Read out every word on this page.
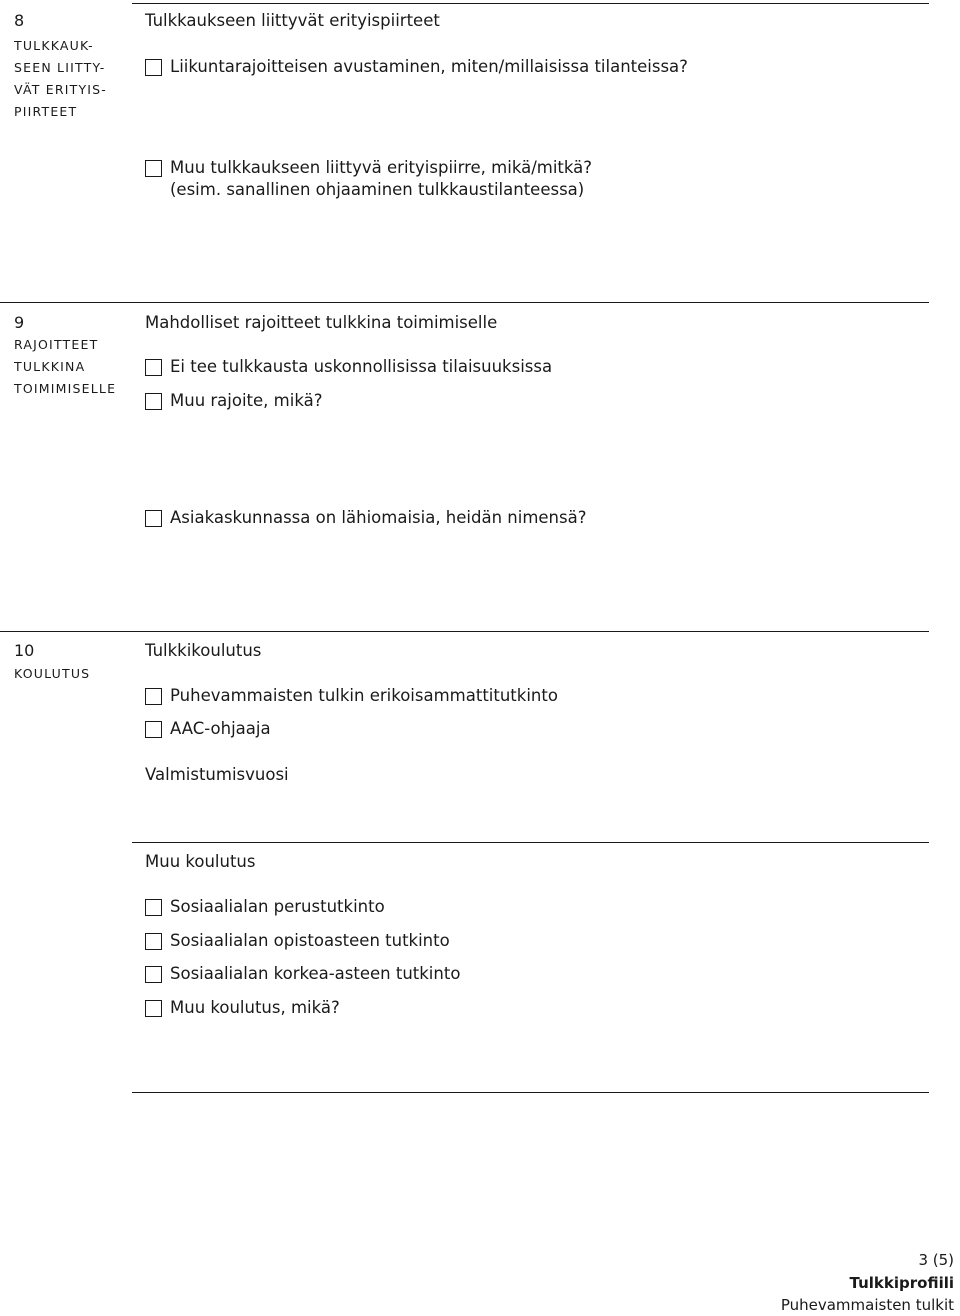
8
TULKKAUK-
SEEN LIITTY-
VÄT ERITYIS-
PIIRTEET
Tulkkaukseen liittyvät erityispiirteet
Liikuntarajoitteisen avustaminen, miten/millaisissa tilanteissa?
Muu tulkkaukseen liittyvä erityispiirre, mikä/mitkä?
(esim. sanallinen ohjaaminen tulkkaustilanteessa)
9
RAJOITTEET
TULKKINA
TOIMIMISELLE
Mahdolliset rajoitteet tulkkina toimimiselle
Ei tee tulkkausta uskonnollisissa tilaisuuksissa
Muu rajoite, mikä?
Asiakaskunnassa on lähiomaisia, heidän nimensä?
10
KOULUTUS
Tulkkikoulutus
Puhevammaisten tulkin erikoisammattitutkinto
AAC-ohjaaja
Valmistumisvuosi
Muu koulutus
Sosiaalialan perustutkinto
Sosiaalialan opistoasteen tutkinto
Sosiaalialan korkea-asteen tutkinto
Muu koulutus, mikä?
3 (5)
Tulkkiprofiili
Puhevammaisten tulkit
